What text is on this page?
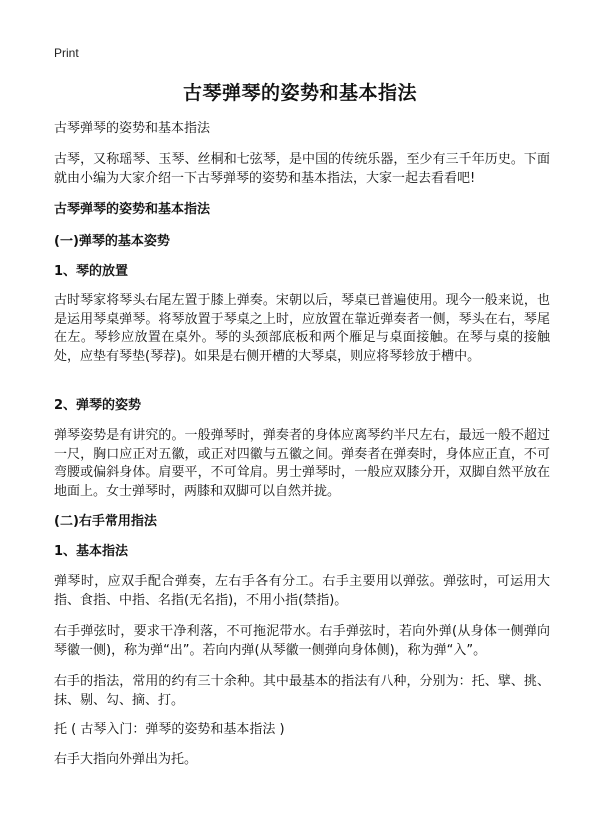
Print
古琴弹琴的姿势和基本指法

古琴弹琴的姿势和基本指法

古琴，又称瑶琴、玉琴、丝桐和七弦琴，是中国的传统乐器，至少有三千年历史。下面就由小编为大家介绍一下古琴弹琴的姿势和基本指法，大家一起去看看吧!

古琴弹琴的姿势和基本指法
(一)弹琴的基本姿势
1、琴的放置

古时琴家将琴头右尾左置于膝上弹奏。宋朝以后，琴桌已普遍使用。现今一般来说，也是运用琴桌弹琴。将琴放置于琴桌之上时，应放置在靠近弹奏者一侧，琴头在右，琴尾在左。琴轸应放置在桌外。琴的头颈部底板和两个雁足与桌面接触。在琴与桌的接触处，应垫有琴垫(琴荐)。如果是右侧开槽的大琴桌，则应将琴轸放于槽中。

2、弹琴的姿势

弹琴姿势是有讲究的。一般弹琴时，弹奏者的身体应离琴约半尺左右，最远一般不超过一尺，胸口应正对五徽，或正对四徽与五徽之间。弹奏者在弹奏时，身体应正直，不可弯腰或偏斜身体。肩要平，不可耸肩。男士弹琴时，一般应双膝分开，双脚自然平放在地面上。女士弹琴时，两膝和双脚可以自然并拢。

(二)右手常用指法
1、基本指法

弹琴时，应双手配合弹奏，左右手各有分工。右手主要用以弹弦。弹弦时，可运用大指、食指、中指、名指(无名指)，不用小指(禁指)。

右手弹弦时，要求干净利落，不可拖泥带水。右手弹弦时，若向外弹(从身体一侧弹向琴徽一侧)，称为弹“出”。若向内弹(从琴徽一侧弹向身体侧)，称为弹“入”。

右手的指法，常用的约有三十余种。其中最基本的指法有八种，分别为：托、擘、挑、抹、剔、勾、摘、打。

托 ( 古琴入门：弹琴的姿势和基本指法 )

右手大指向外弹出为托。
